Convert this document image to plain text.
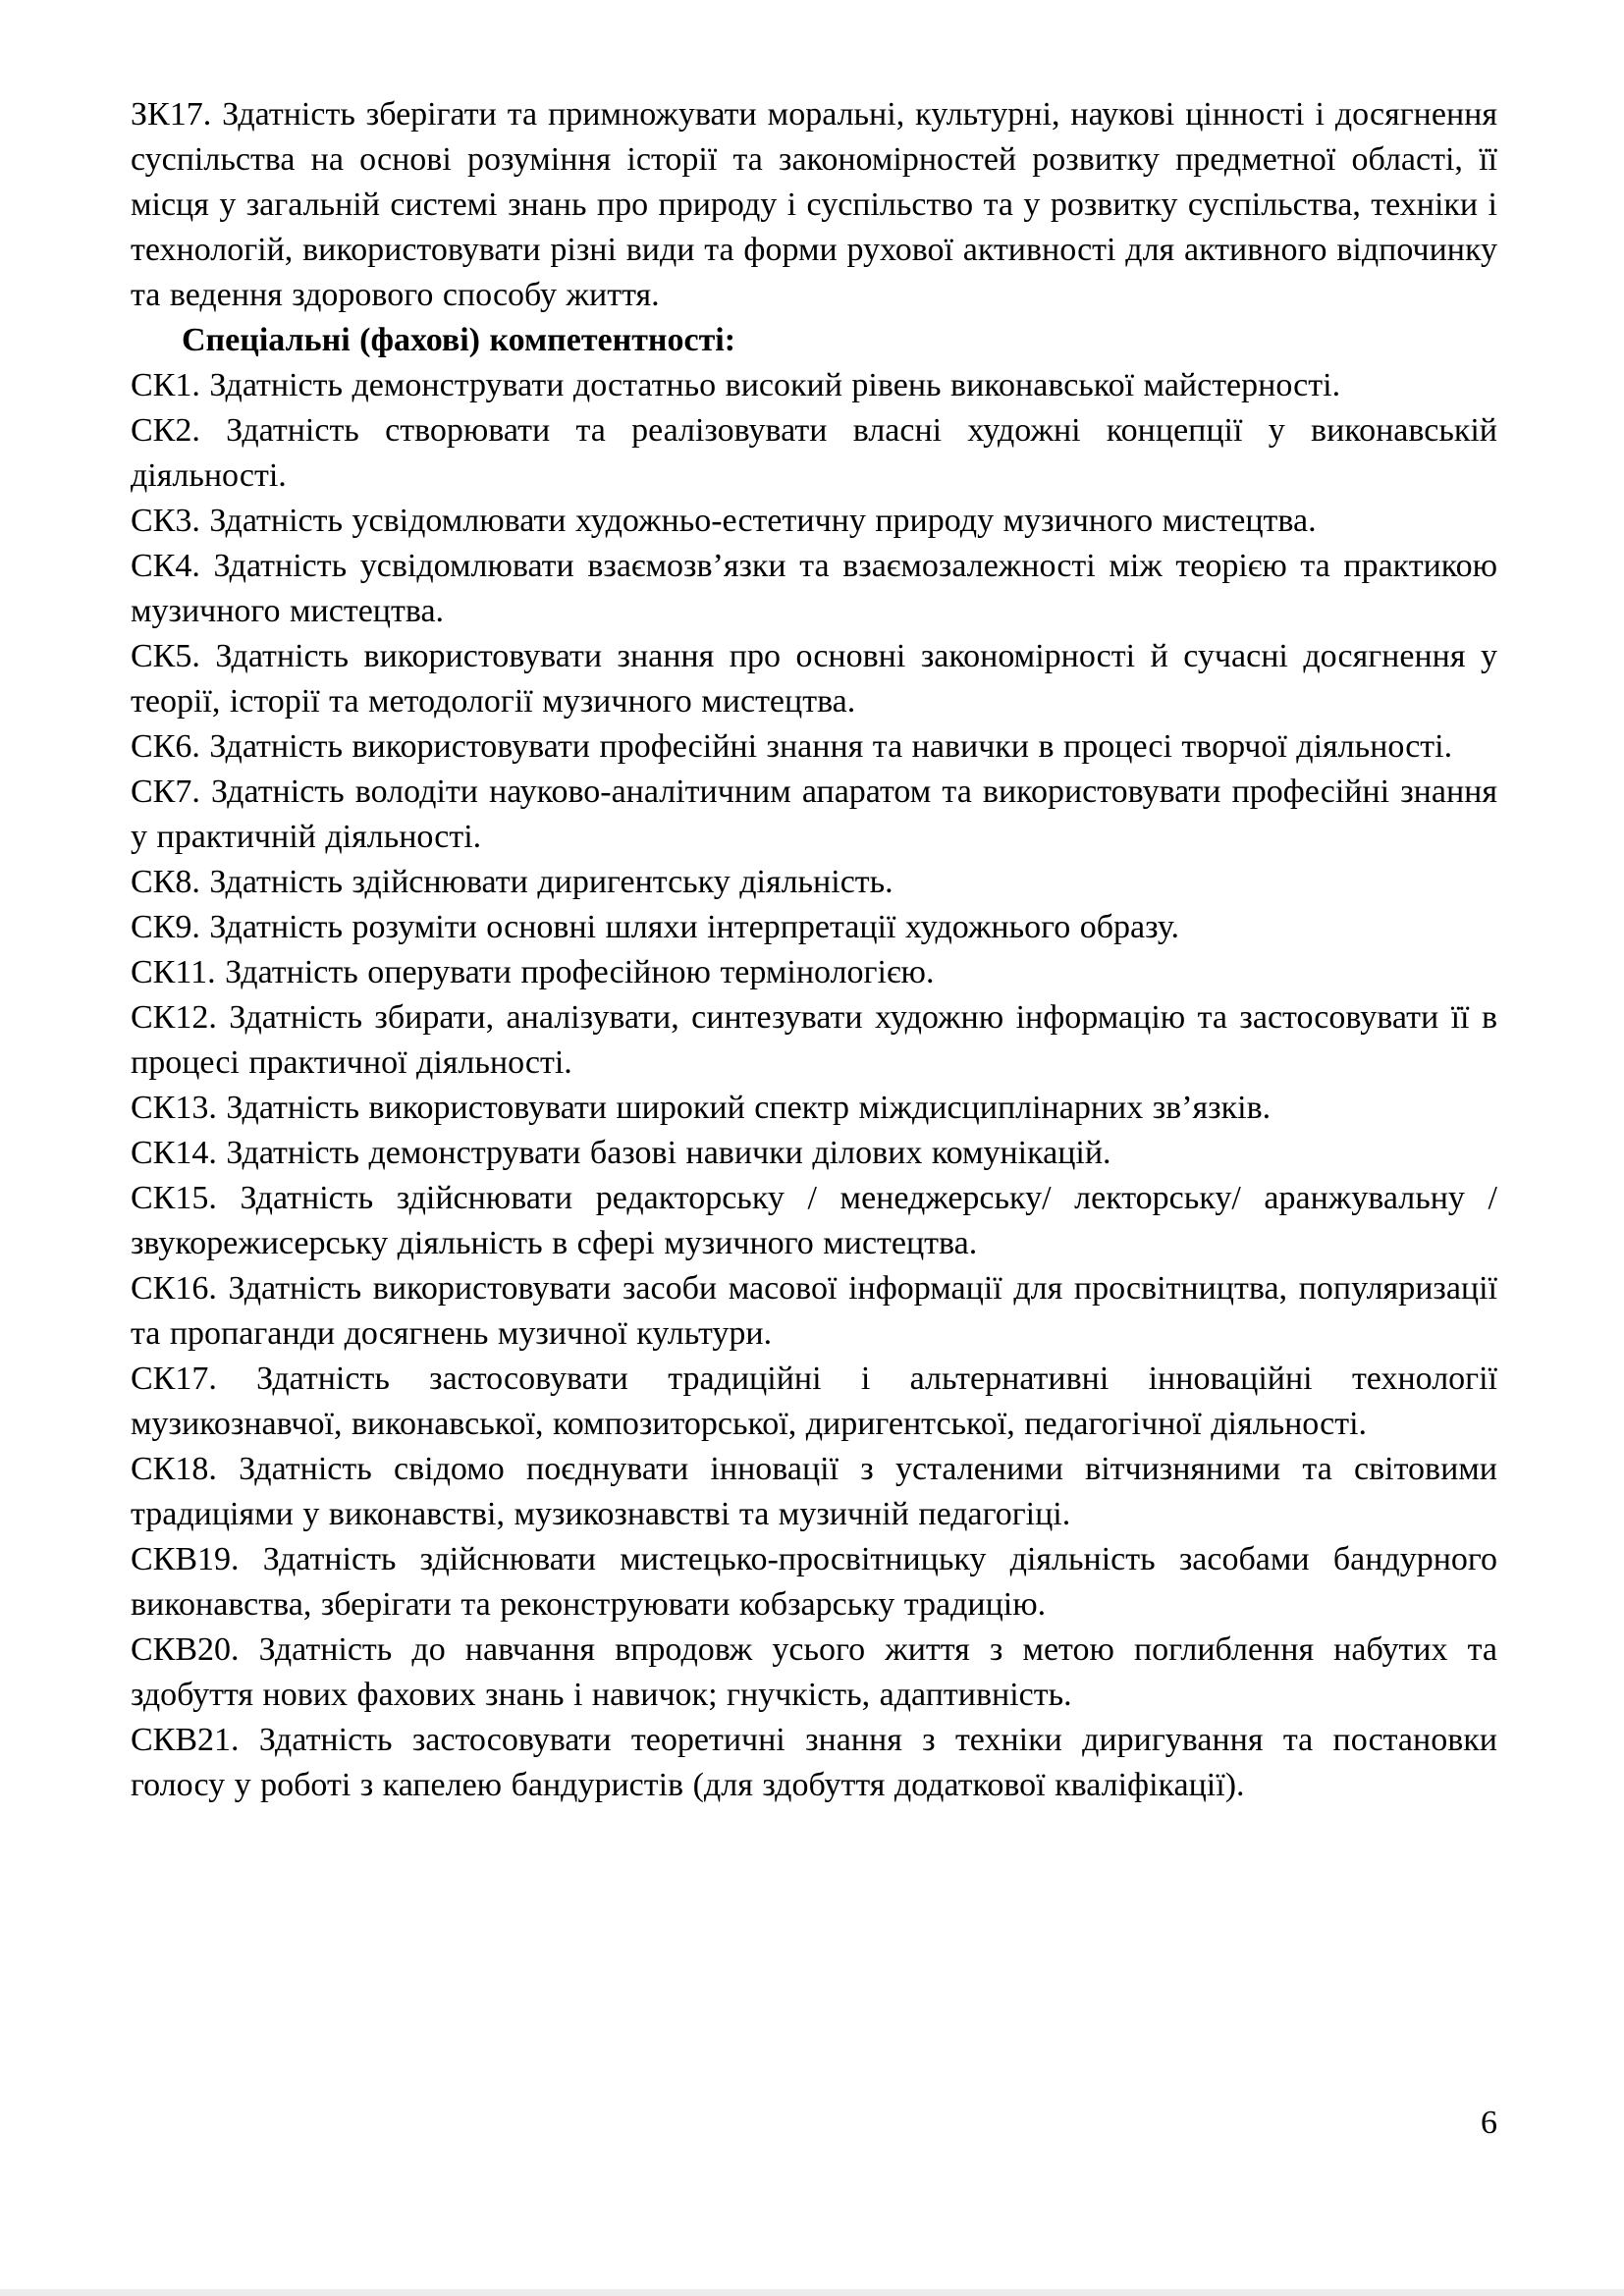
ЗК17. Здатність зберігати та примножувати моральні, культурні, наукові цінності і досягнення суспільства на основі розуміння історії та закономірностей розвитку предметної області, її місця у загальній системі знань про природу і суспільство та у розвитку суспільства, техніки і технологій, використовувати різні види та форми рухової активності для активного відпочинку та ведення здорового способу життя.

Спеціальні (фахові) компетентності:

СК1. Здатність демонструвати достатньо високий рівень виконавської майстерності.

СК2. Здатність створювати та реалізовувати власні художні концепції у виконавській діяльності.

СК3. Здатність усвідомлювати художньо-естетичну природу музичного мистецтва.

СК4. Здатність усвідомлювати взаємозв’язки та взаємозалежності між теорією та практикою музичного мистецтва.

СК5. Здатність використовувати знання про основні закономірності й сучасні досягнення у теорії, історії та методології музичного мистецтва.

СК6. Здатність використовувати професійні знання та навички в процесі творчої діяльності.

СК7. Здатність володіти науково-аналітичним апаратом та використовувати професійні знання у практичній діяльності.

СК8. Здатність здійснювати диригентську діяльність.

СК9. Здатність розуміти основні шляхи інтерпретації художнього образу.

СК11. Здатність оперувати професійною термінологією.

СК12. Здатність збирати, аналізувати, синтезувати художню інформацію та застосовувати її в процесі практичної діяльності.

СК13. Здатність використовувати широкий спектр міждисциплінарних зв’язків.

СК14. Здатність демонструвати базові навички ділових комунікацій.

СК15. Здатність здійснювати редакторську / менеджерську/ лекторську/ аранжувальну / звукорежисерську діяльність в сфері музичного мистецтва.

СК16. Здатність використовувати засоби масової інформації для просвітництва, популяризації та пропаганди досягнень музичної культури.

СК17. Здатність застосовувати традиційні і альтернативні інноваційні технології музикознавчої, виконавської, композиторської, диригентської, педагогічної діяльності.

СК18. Здатність свідомо поєднувати інновації з усталеними вітчизняними та світовими традиціями у виконавстві, музикознавстві та музичній педагогіці.

СКВ19. Здатність здійснювати мистецько-просвітницьку діяльність засобами бандурного виконавства, зберігати та реконструювати кобзарську традицію.

СКВ20. Здатність до навчання впродовж усього життя з метою поглиблення набутих та здобуття нових фахових знань і навичок; гнучкість, адаптивність.

СКВ21. Здатність застосовувати теоретичні знання з техніки диригування та постановки голосу у роботі з капелею бандуристів (для здобуття додаткової кваліфікації).

6
